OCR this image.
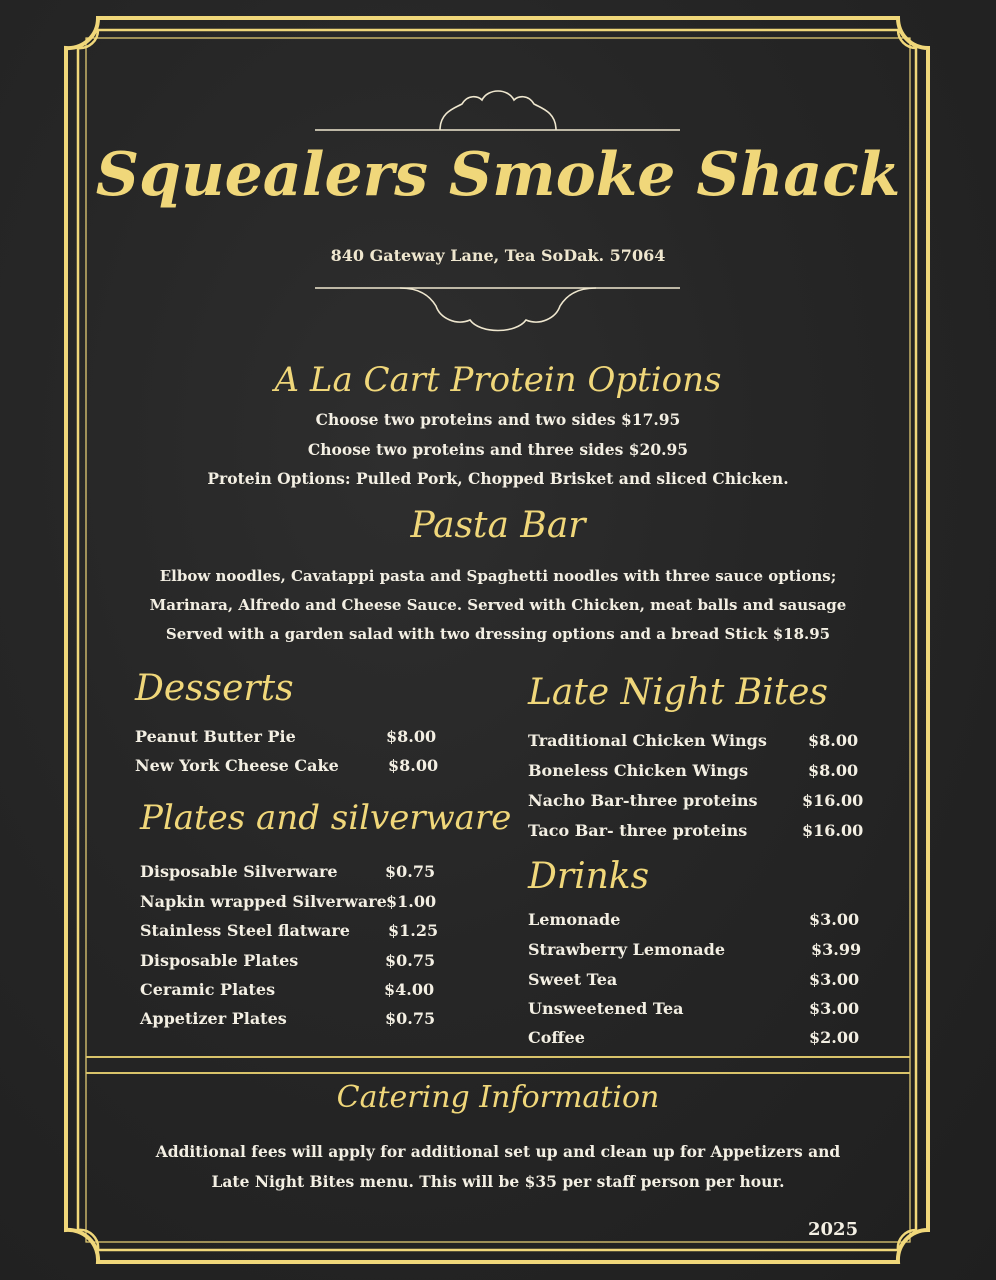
Squealers Smoke Shack
840 Gateway Lane, Tea SoDak. 57064
A La Cart Protein Options
Choose two proteins and two sides $17.95
Choose two proteins and three sides $20.95
Protein Options: Pulled Pork, Chopped Brisket and sliced Chicken.
Pasta Bar
Elbow noodles, Cavatappi pasta and Spaghetti noodles with three sauce options;
Marinara, Alfredo and Cheese Sauce. Served with Chicken, meat balls and sausage
Served with a garden salad with two dressing options and a bread Stick $18.95
Desserts
Peanut Butter Pie	$8.00
New York Cheese Cake	$8.00
Plates and silverware
Disposable Silverware	$0.75
Napkin wrapped Silverware $1.00
Stainless Steel flatware $1.25
Disposable Plates	$0.75
Ceramic Plates	$4.00
Appetizer Plates	$0.75
Late Night Bites
Traditional Chicken Wings	$8.00
Boneless Chicken Wings	$8.00
Nacho Bar-three proteins	$16.00
Taco Bar- three proteins	$16.00
Drinks
Lemonade	$3.00
Strawberry Lemonade	$3.99
Sweet Tea	$3.00
Unsweetened Tea	$3.00
Coffee	$2.00
Catering Information
Additional fees will apply for additional set up and clean up for Appetizers and
Late Night Bites menu. This will be $35 per staff person per hour.
2025
